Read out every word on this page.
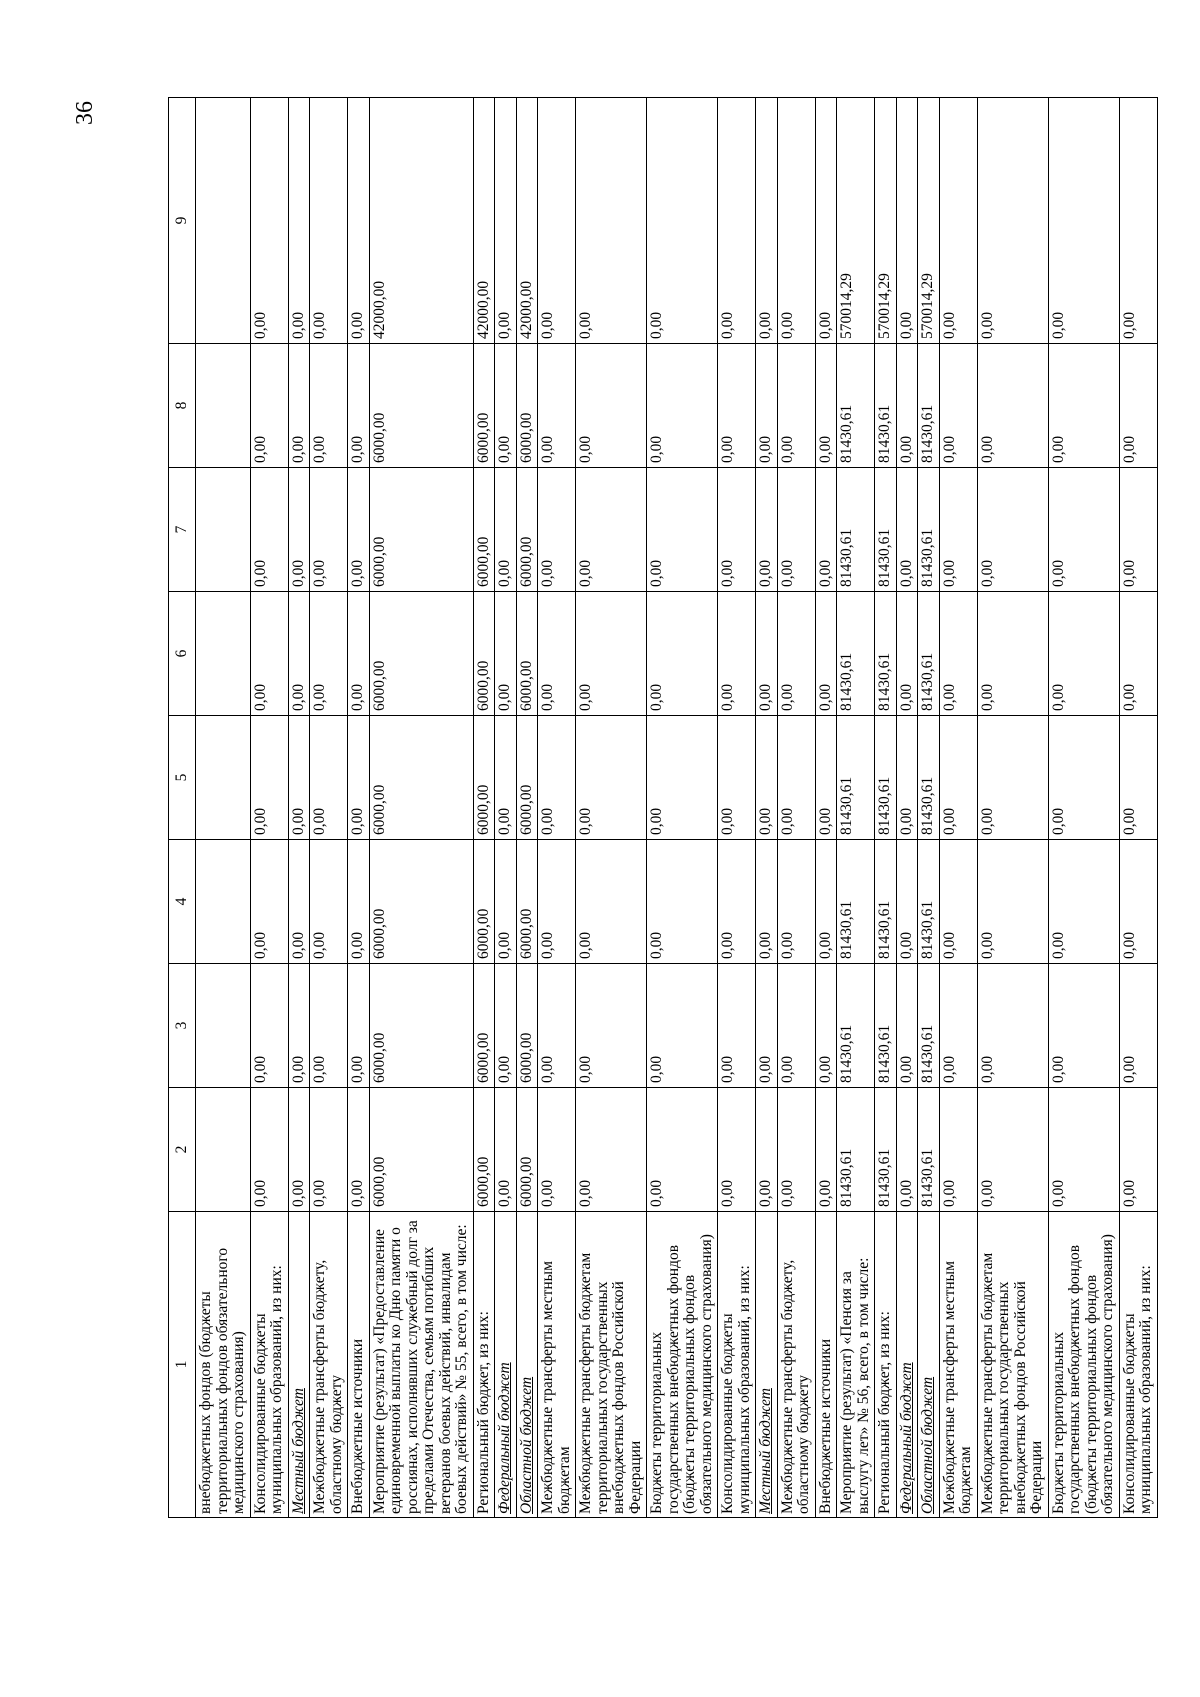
36
1	2	3	4	5	6	7	8	9
внебюджетных фондов (бюджеты территориальных фондов обязательного медицинского страхования)								
Консолидированные бюджеты муниципальных образований, из них:	0,00	0,00	0,00	0,00	0,00	0,00	0,00	0,00
Местный бюджет	0,00	0,00	0,00	0,00	0,00	0,00	0,00	0,00
Межбюджетные трансферты бюджету, областному бюджету	0,00	0,00	0,00	0,00	0,00	0,00	0,00	0,00
Внебюджетные источники	0,00	0,00	0,00	0,00	0,00	0,00	0,00	0,00
Мероприятие (результат) «Предоставление единовременной выплаты ко Дню памяти о россиянах, исполнявших служебный долг за пределами Отечества, семьям погибших ветеранов боевых действий, инвалидам боевых действий» № 55, всего, в том числе:	6000,00	6000,00	6000,00	6000,00	6000,00	6000,00	6000,00	42000,00
Региональный бюджет, из них:	6000,00	6000,00	6000,00	6000,00	6000,00	6000,00	6000,00	42000,00
Федеральный бюджет	0,00	0,00	0,00	0,00	0,00	0,00	0,00	0,00
Областной бюджет	6000,00	6000,00	6000,00	6000,00	6000,00	6000,00	6000,00	42000,00
Межбюджетные трансферты местным бюджетам	0,00	0,00	0,00	0,00	0,00	0,00	0,00	0,00
Межбюджетные трансферты бюджетам территориальных государственных внебюджетных фондов Российской Федерации	0,00	0,00	0,00	0,00	0,00	0,00	0,00	0,00
Бюджеты территориальных государственных внебюджетных фондов (бюджеты территориальных фондов обязательного медицинского страхования)	0,00	0,00	0,00	0,00	0,00	0,00	0,00	0,00
Консолидированные бюджеты муниципальных образований, из них:	0,00	0,00	0,00	0,00	0,00	0,00	0,00	0,00
Местный бюджет	0,00	0,00	0,00	0,00	0,00	0,00	0,00	0,00
Межбюджетные трансферты бюджету, областному бюджету	0,00	0,00	0,00	0,00	0,00	0,00	0,00	0,00
Внебюджетные источники	0,00	0,00	0,00	0,00	0,00	0,00	0,00	0,00
Мероприятие (результат) «Пенсия за выслугу лет» № 56, всего, в том числе:	81430,61	81430,61	81430,61	81430,61	81430,61	81430,61	81430,61	570014,29
Региональный бюджет, из них:	81430,61	81430,61	81430,61	81430,61	81430,61	81430,61	81430,61	570014,29
Федеральный бюджет	0,00	0,00	0,00	0,00	0,00	0,00	0,00	0,00
Областной бюджет	81430,61	81430,61	81430,61	81430,61	81430,61	81430,61	81430,61	570014,29
Межбюджетные трансферты местным бюджетам	0,00	0,00	0,00	0,00	0,00	0,00	0,00	0,00
Межбюджетные трансферты бюджетам территориальных государственных внебюджетных фондов Российской Федерации	0,00	0,00	0,00	0,00	0,00	0,00	0,00	0,00
Бюджеты территориальных государственных внебюджетных фондов (бюджеты территориальных фондов обязательного медицинского страхования)	0,00	0,00	0,00	0,00	0,00	0,00	0,00	0,00
Консолидированные бюджеты муниципальных образований, из них:	0,00	0,00	0,00	0,00	0,00	0,00	0,00	0,00
